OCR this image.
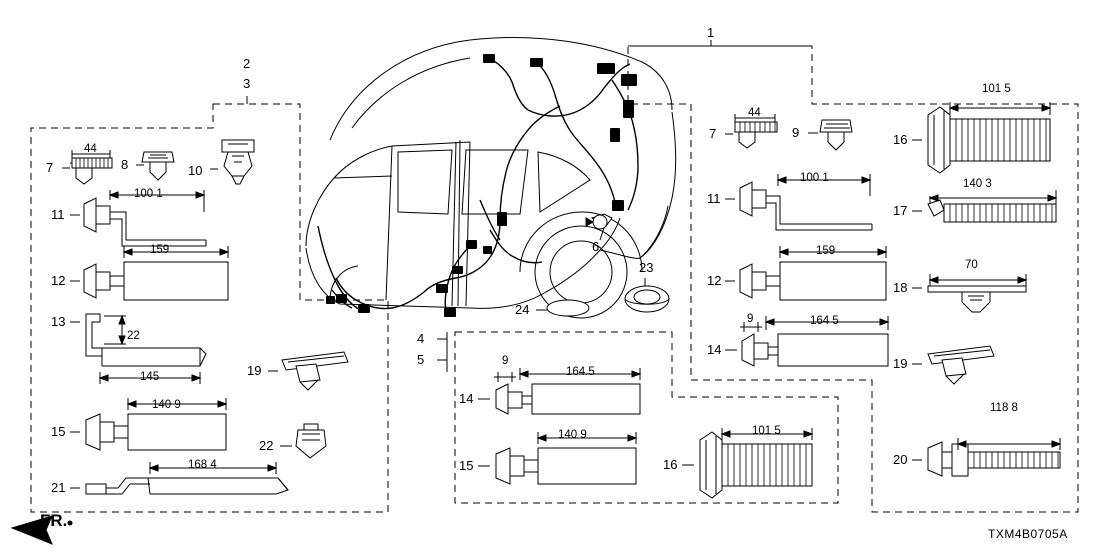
1
2
3
4
5
6
7	8	10
11
12
13
15
19
21
22
23
24
14
15	16
7	9	16
11
17
12	18
14
19
20
44
100 1
159
22
145
140 9
168 4
9
164.5
140 9	101 5
44
101 5
100 1	140 3
159
70
9	164 5
118 8
FR.
TXM4B0705A
